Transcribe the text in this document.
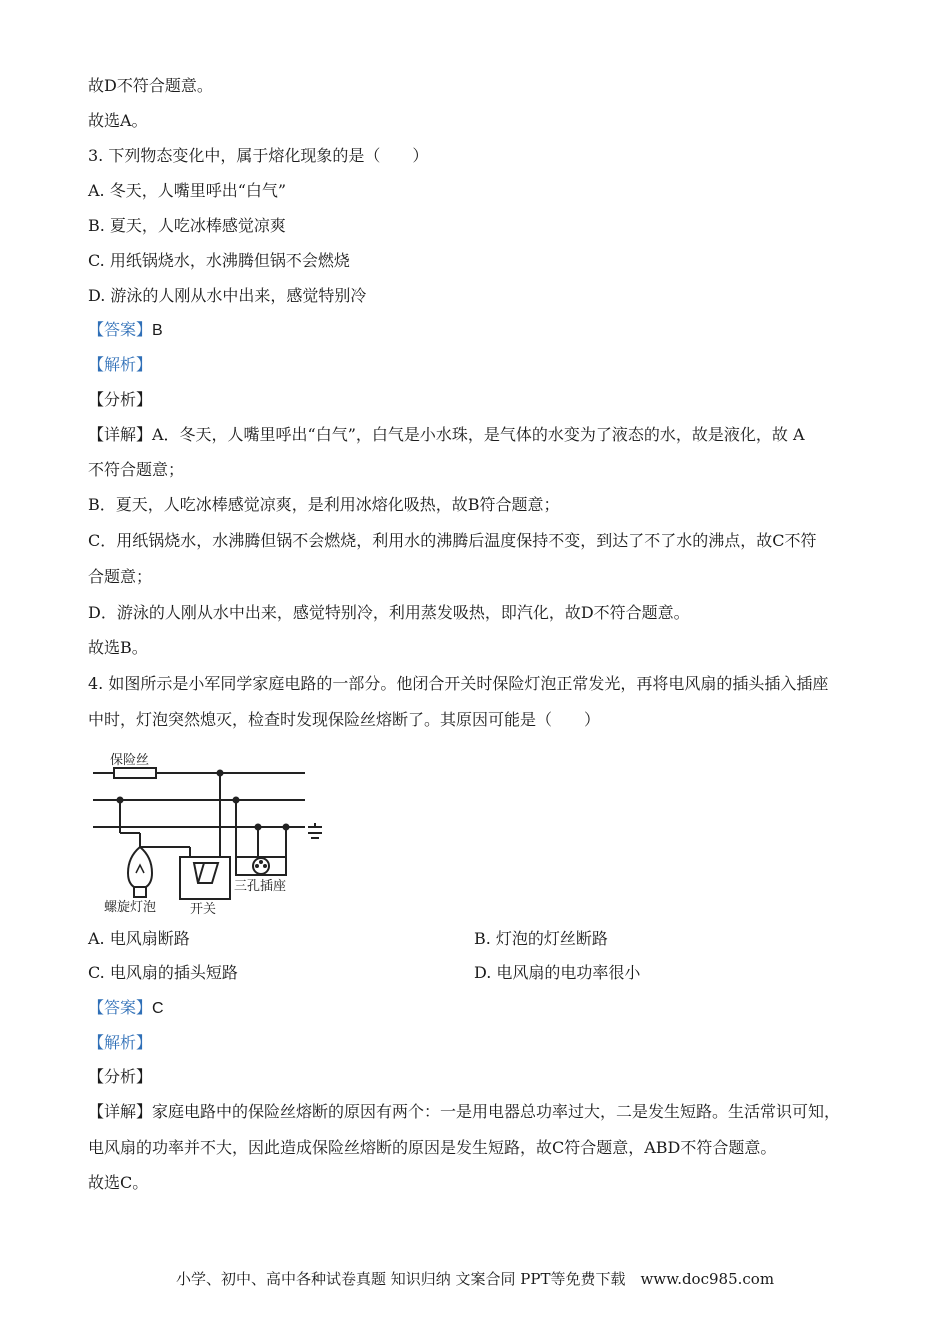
故D不符合题意。
故选A。
3. 下列物态变化中，属于熔化现象的是（　　）
A. 冬天，人嘴里呼出“白气”
B. 夏天，人吃冰棒感觉凉爽
C. 用纸锅烧水，水沸腾但锅不会燃烧
D. 游泳的人刚从水中出来，感觉特别冷
【答案】B
【解析】
【分析】
【详解】A．冬天，人嘴里呼出“白气”，白气是小水珠，是气体的水变为了液态的水，故是液化，故 A
不符合题意；
B．夏天，人吃冰棒感觉凉爽，是利用冰熔化吸热，故B符合题意；
C．用纸锅烧水，水沸腾但锅不会燃烧，利用水的沸腾后温度保持不变，到达了不了水的沸点，故C不符
合题意；
D．游泳的人刚从水中出来，感觉特别冷，利用蒸发吸热，即汽化，故D不符合题意。
故选B。
4. 如图所示是小军同学家庭电路的一部分。他闭合开关时保险灯泡正常发光，再将电风扇的插头插入插座
中时，灯泡突然熄灭，检查时发现保险丝熔断了。其原因可能是（　　）
保险丝
螺旋灯泡	开关
三孔插座
A. 电风扇断路	B. 灯泡的灯丝断路
C. 电风扇的插头短路	D. 电风扇的电功率很小
【答案】C
【解析】
【分析】
【详解】家庭电路中的保险丝熔断的原因有两个：一是用电器总功率过大，二是发生短路。生活常识可知，
电风扇的功率并不大，因此造成保险丝熔断的原因是发生短路，故C符合题意，ABD不符合题意。
故选C。
小学、初中、高中各种试卷真题 知识归纳 文案合同 PPT等免费下载　www.doc985.com
